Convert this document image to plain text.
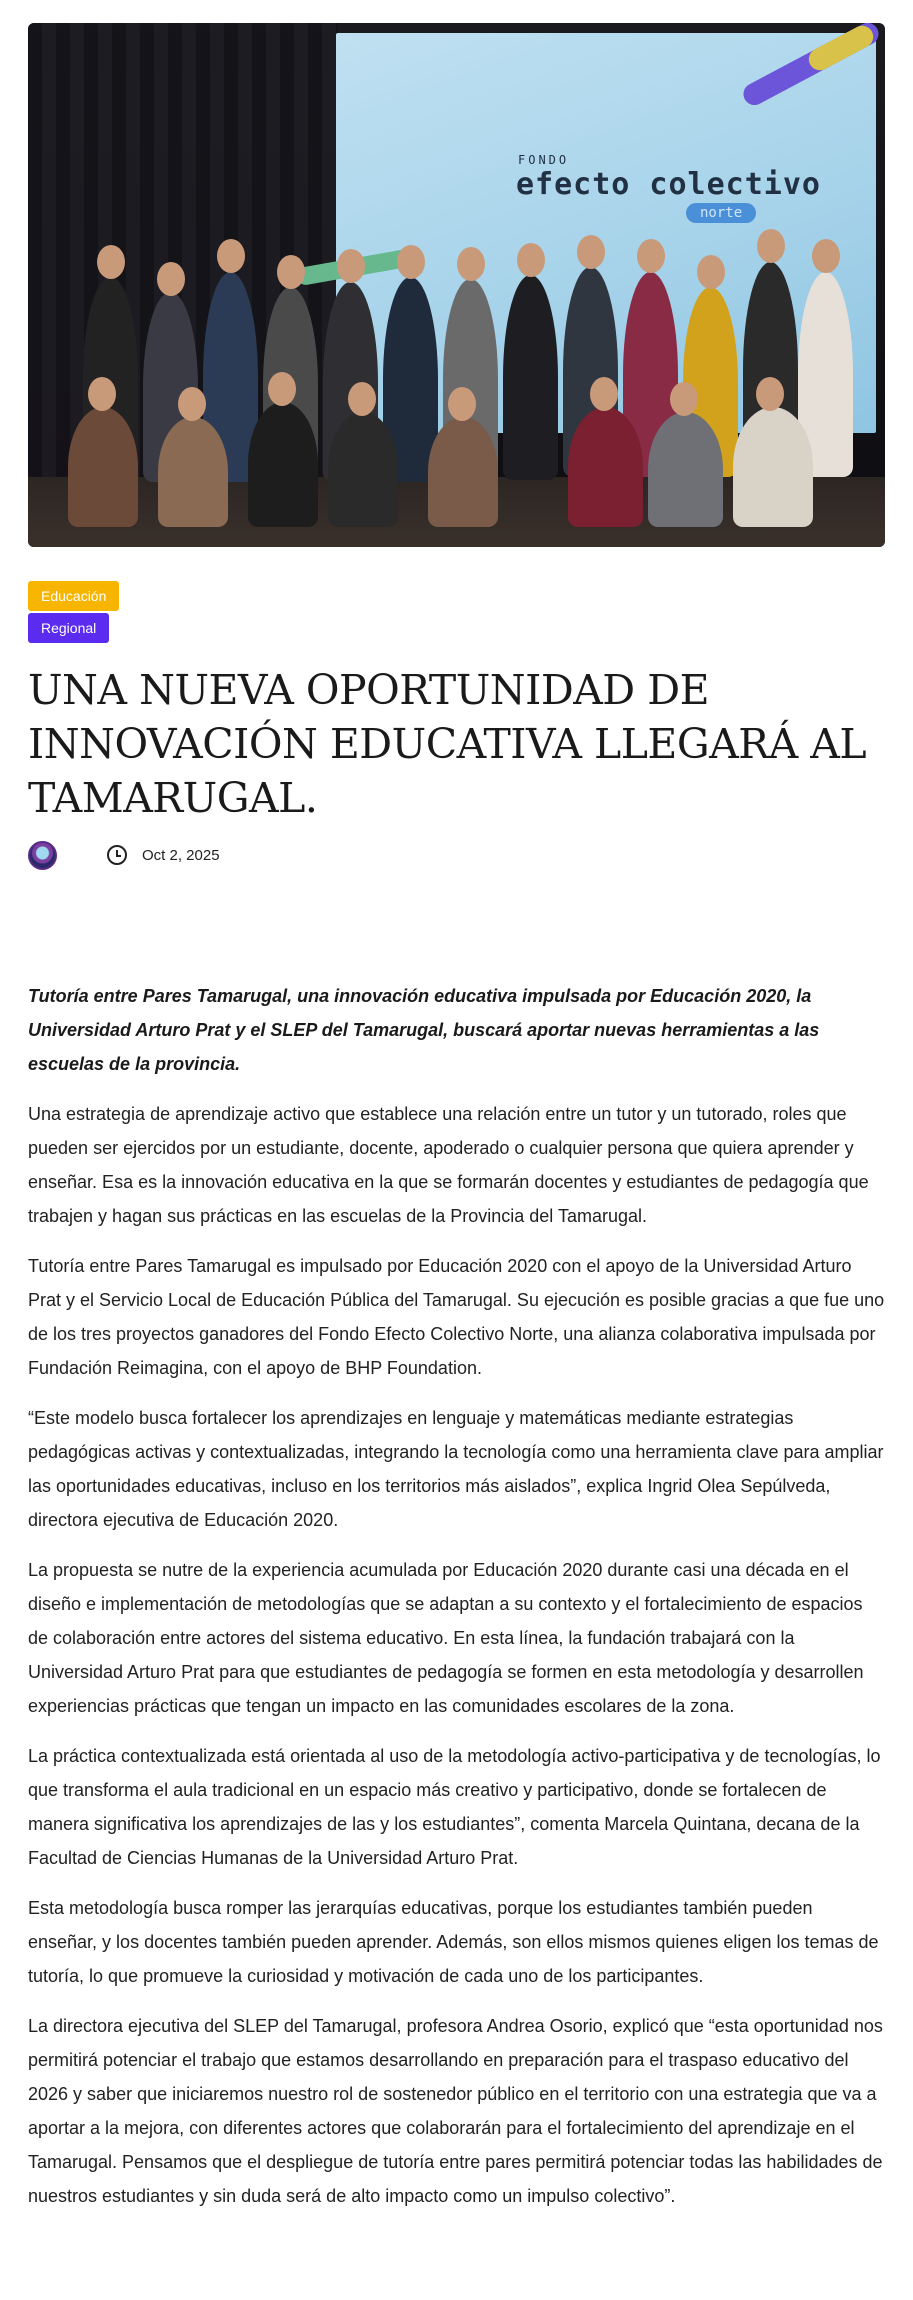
FONDO
efecto colectivo
norte
Educación
Regional
UNA NUEVA OPORTUNIDAD DE INNOVACIÓN EDUCATIVA LLEGARÁ AL TAMARUGAL.
Oct 2, 2025

Tutoría entre Pares Tamarugal, una innovación educativa impulsada por Educación 2020, la Universidad Arturo Prat y el SLEP del Tamarugal, buscará aportar nuevas herramientas a las escuelas de la provincia.

Una estrategia de aprendizaje activo que establece una relación entre un tutor y un tutorado, roles que pueden ser ejercidos por un estudiante, docente, apoderado o cualquier persona que quiera aprender y enseñar. Esa es la innovación educativa en la que se formarán docentes y estudiantes de pedagogía que trabajen y hagan sus prácticas en las escuelas de la Provincia del Tamarugal.

Tutoría entre Pares Tamarugal es impulsado por Educación 2020 con el apoyo de la Universidad Arturo Prat y el Servicio Local de Educación Pública del Tamarugal. Su ejecución es posible gracias a que fue uno de los tres proyectos ganadores del Fondo Efecto Colectivo Norte, una alianza colaborativa impulsada por Fundación Reimagina, con el apoyo de BHP Foundation.

“Este modelo busca fortalecer los aprendizajes en lenguaje y matemáticas mediante estrategias pedagógicas activas y contextualizadas, integrando la tecnología como una herramienta clave para ampliar las oportunidades educativas, incluso en los territorios más aislados”, explica Ingrid Olea Sepúlveda, directora ejecutiva de Educación 2020.

La propuesta se nutre de la experiencia acumulada por Educación 2020 durante casi una década en el diseño e implementación de metodologías que se adaptan a su contexto y el fortalecimiento de espacios de colaboración entre actores del sistema educativo. En esta línea, la fundación trabajará con la Universidad Arturo Prat para que estudiantes de pedagogía se formen en esta metodología y desarrollen experiencias prácticas que tengan un impacto en las comunidades escolares de la zona.

La práctica contextualizada está orientada al uso de la metodología activo-participativa y de tecnologías, lo que transforma el aula tradicional en un espacio más creativo y participativo, donde se fortalecen de manera significativa los aprendizajes de las y los estudiantes”, comenta Marcela Quintana, decana de la Facultad de Ciencias Humanas de la Universidad Arturo Prat.

Esta metodología busca romper las jerarquías educativas, porque los estudiantes también pueden enseñar, y los docentes también pueden aprender. Además, son ellos mismos quienes eligen los temas de tutoría, lo que promueve la curiosidad y motivación de cada uno de los participantes.

La directora ejecutiva del SLEP del Tamarugal, profesora Andrea Osorio, explicó que “esta oportunidad nos permitirá potenciar el trabajo que estamos desarrollando en preparación para el traspaso educativo del 2026 y saber que iniciaremos nuestro rol de sostenedor público en el territorio con una estrategia que va a aportar a la mejora, con diferentes actores que colaborarán para el fortalecimiento del aprendizaje en el Tamarugal. Pensamos que el despliegue de tutoría entre pares permitirá potenciar todas las habilidades de nuestros estudiantes y sin duda será de alto impacto como un impulso colectivo”.
